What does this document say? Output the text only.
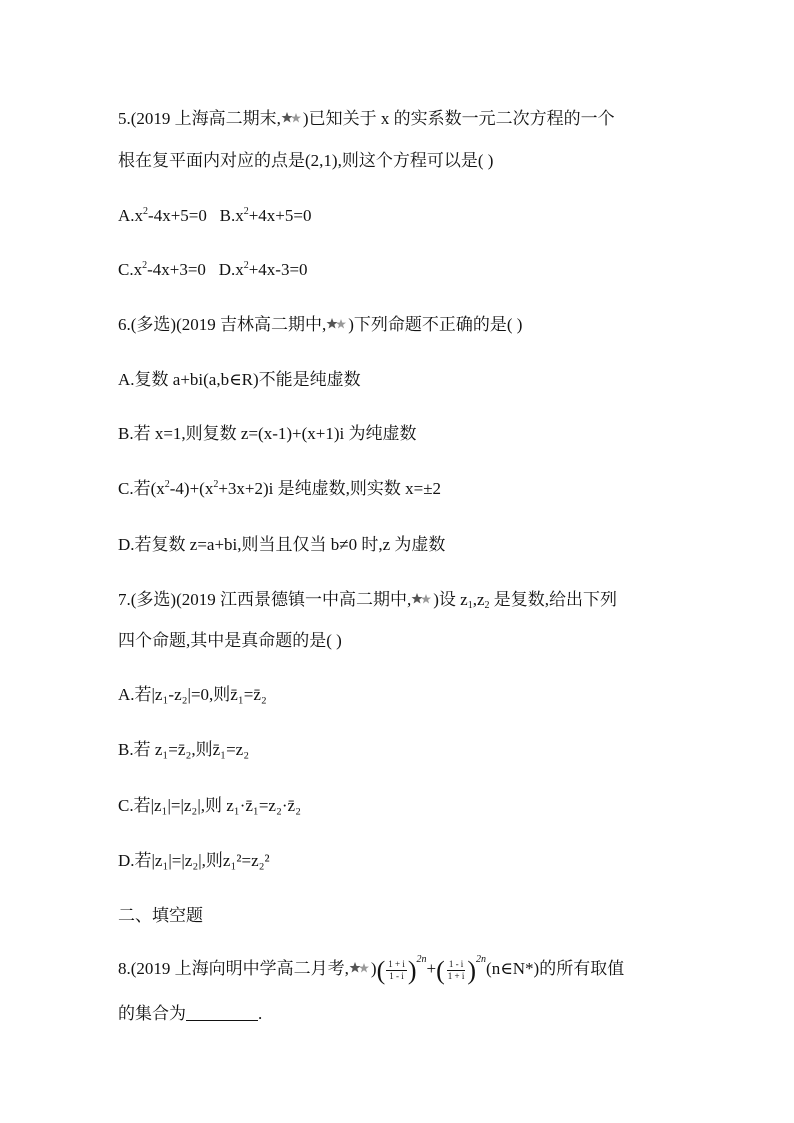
5.(2019 上海高二期末, )已知关于 x 的实系数一元二次方程的一个
根在复平面内对应的点是(2,1),则这个方程可以是( )
$A.x^2-4x+5=0$ $B.x^2+4x+5=0$
$C.x^2-4x+3=0$ $D.x^2+4x-3=0$
6.(多选)(2019 吉林高二期中, )下列命题不正确的是( )
A.复数 a+bi(a,b∈R)不能是纯虚数
B.若 x=1,则复数 z=(x-1)+(x+1)i 为纯虚数
C.若$(x^2-4)+(x^2+3x+2)i$ 是纯虚数,则实数 x=±2
D.若复数 z=a+bi,则当且仅当 b≠0 时,z 为虚数
7.(多选)(2019 江西景德镇一中高二期中, )设 $z_1,z_2$ 是复数,给出下列
四个命题,其中是真命题的是( )
A.若|z₁-z₂|=0,则z̄₁=z̄₂
B.若 z₁=z̄₂,则z̄₁=z₂
C.若|z₁|=|z₂|,则 z₁·z̄₁=z₂·z̄₂
D.若|z₁|=|z₂|,则z₁²=z₂²
二、填空题
8.(2019 上海向明中学高二月考, )( $\frac{1 + i}{1 - i} )^{2n}+( \frac{1 - i}{1 + i}$ )$^{2n}(n\in N*)$的所有取值
的集合为	.
